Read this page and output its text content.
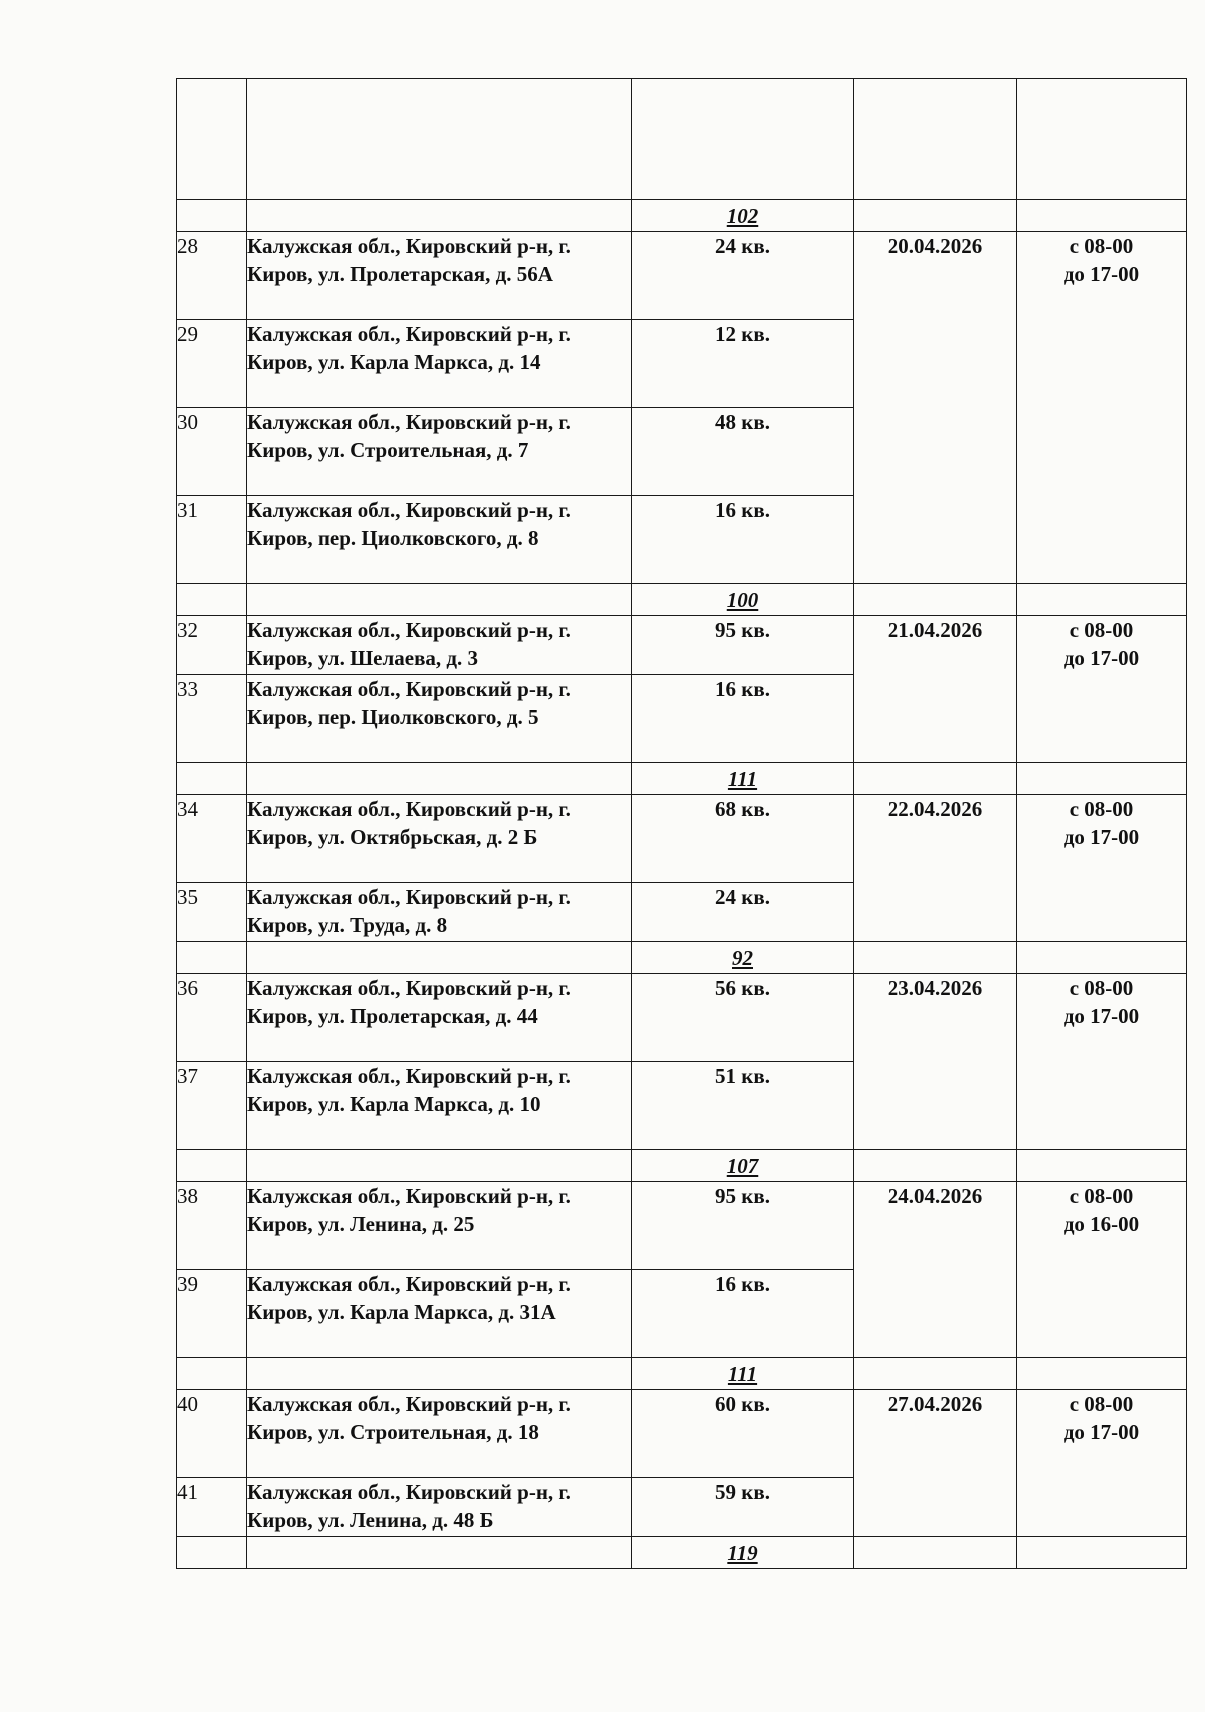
		102		
28	Калужская обл., Кировский р-н, г. Киров, ул. Пролетарская, д. 56А	24 кв.	20.04.2026	с 08-00
до 17-00

29	Калужская обл., Кировский р-н, г. Киров, ул. Карла Маркса, д. 14	12 кв.		
30	Калужская обл., Кировский р-н, г. Киров, ул. Строительная, д. 7	48 кв.		
31	Калужская обл., Кировский р-н, г. Киров, пер. Циолковского, д. 8	16 кв.		
		100		
32	Калужская обл., Кировский р-н, г. Киров, ул. Шелаева, д. 3	95 кв.	21.04.2026	с 08-00
до 17-00

33	Калужская обл., Кировский р-н, г. Киров, пер. Циолковского, д. 5	16 кв.		
		111		
34	Калужская обл., Кировский р-н, г. Киров, ул. Октябрьская, д. 2 Б	68 кв.	22.04.2026	с 08-00
до 17-00

35	Калужская обл., Кировский р-н, г. Киров, ул. Труда, д. 8	24 кв.		
		92		
36	Калужская обл., Кировский р-н, г. Киров, ул. Пролетарская, д. 44	56 кв.	23.04.2026	с 08-00
до 17-00

37	Калужская обл., Кировский р-н, г. Киров, ул. Карла Маркса, д. 10	51 кв.		
		107		
38	Калужская обл., Кировский р-н, г. Киров, ул. Ленина, д. 25	95 кв.	24.04.2026	с 08-00
до 16-00

39	Калужская обл., Кировский р-н, г. Киров, ул. Карла Маркса, д. 31А	16 кв.		
		111		
40	Калужская обл., Кировский р-н, г. Киров, ул. Строительная, д. 18	60 кв.	27.04.2026	с 08-00
до 17-00

41	Калужская обл., Кировский р-н, г. Киров, ул. Ленина, д. 48 Б	59 кв.		
		119		
